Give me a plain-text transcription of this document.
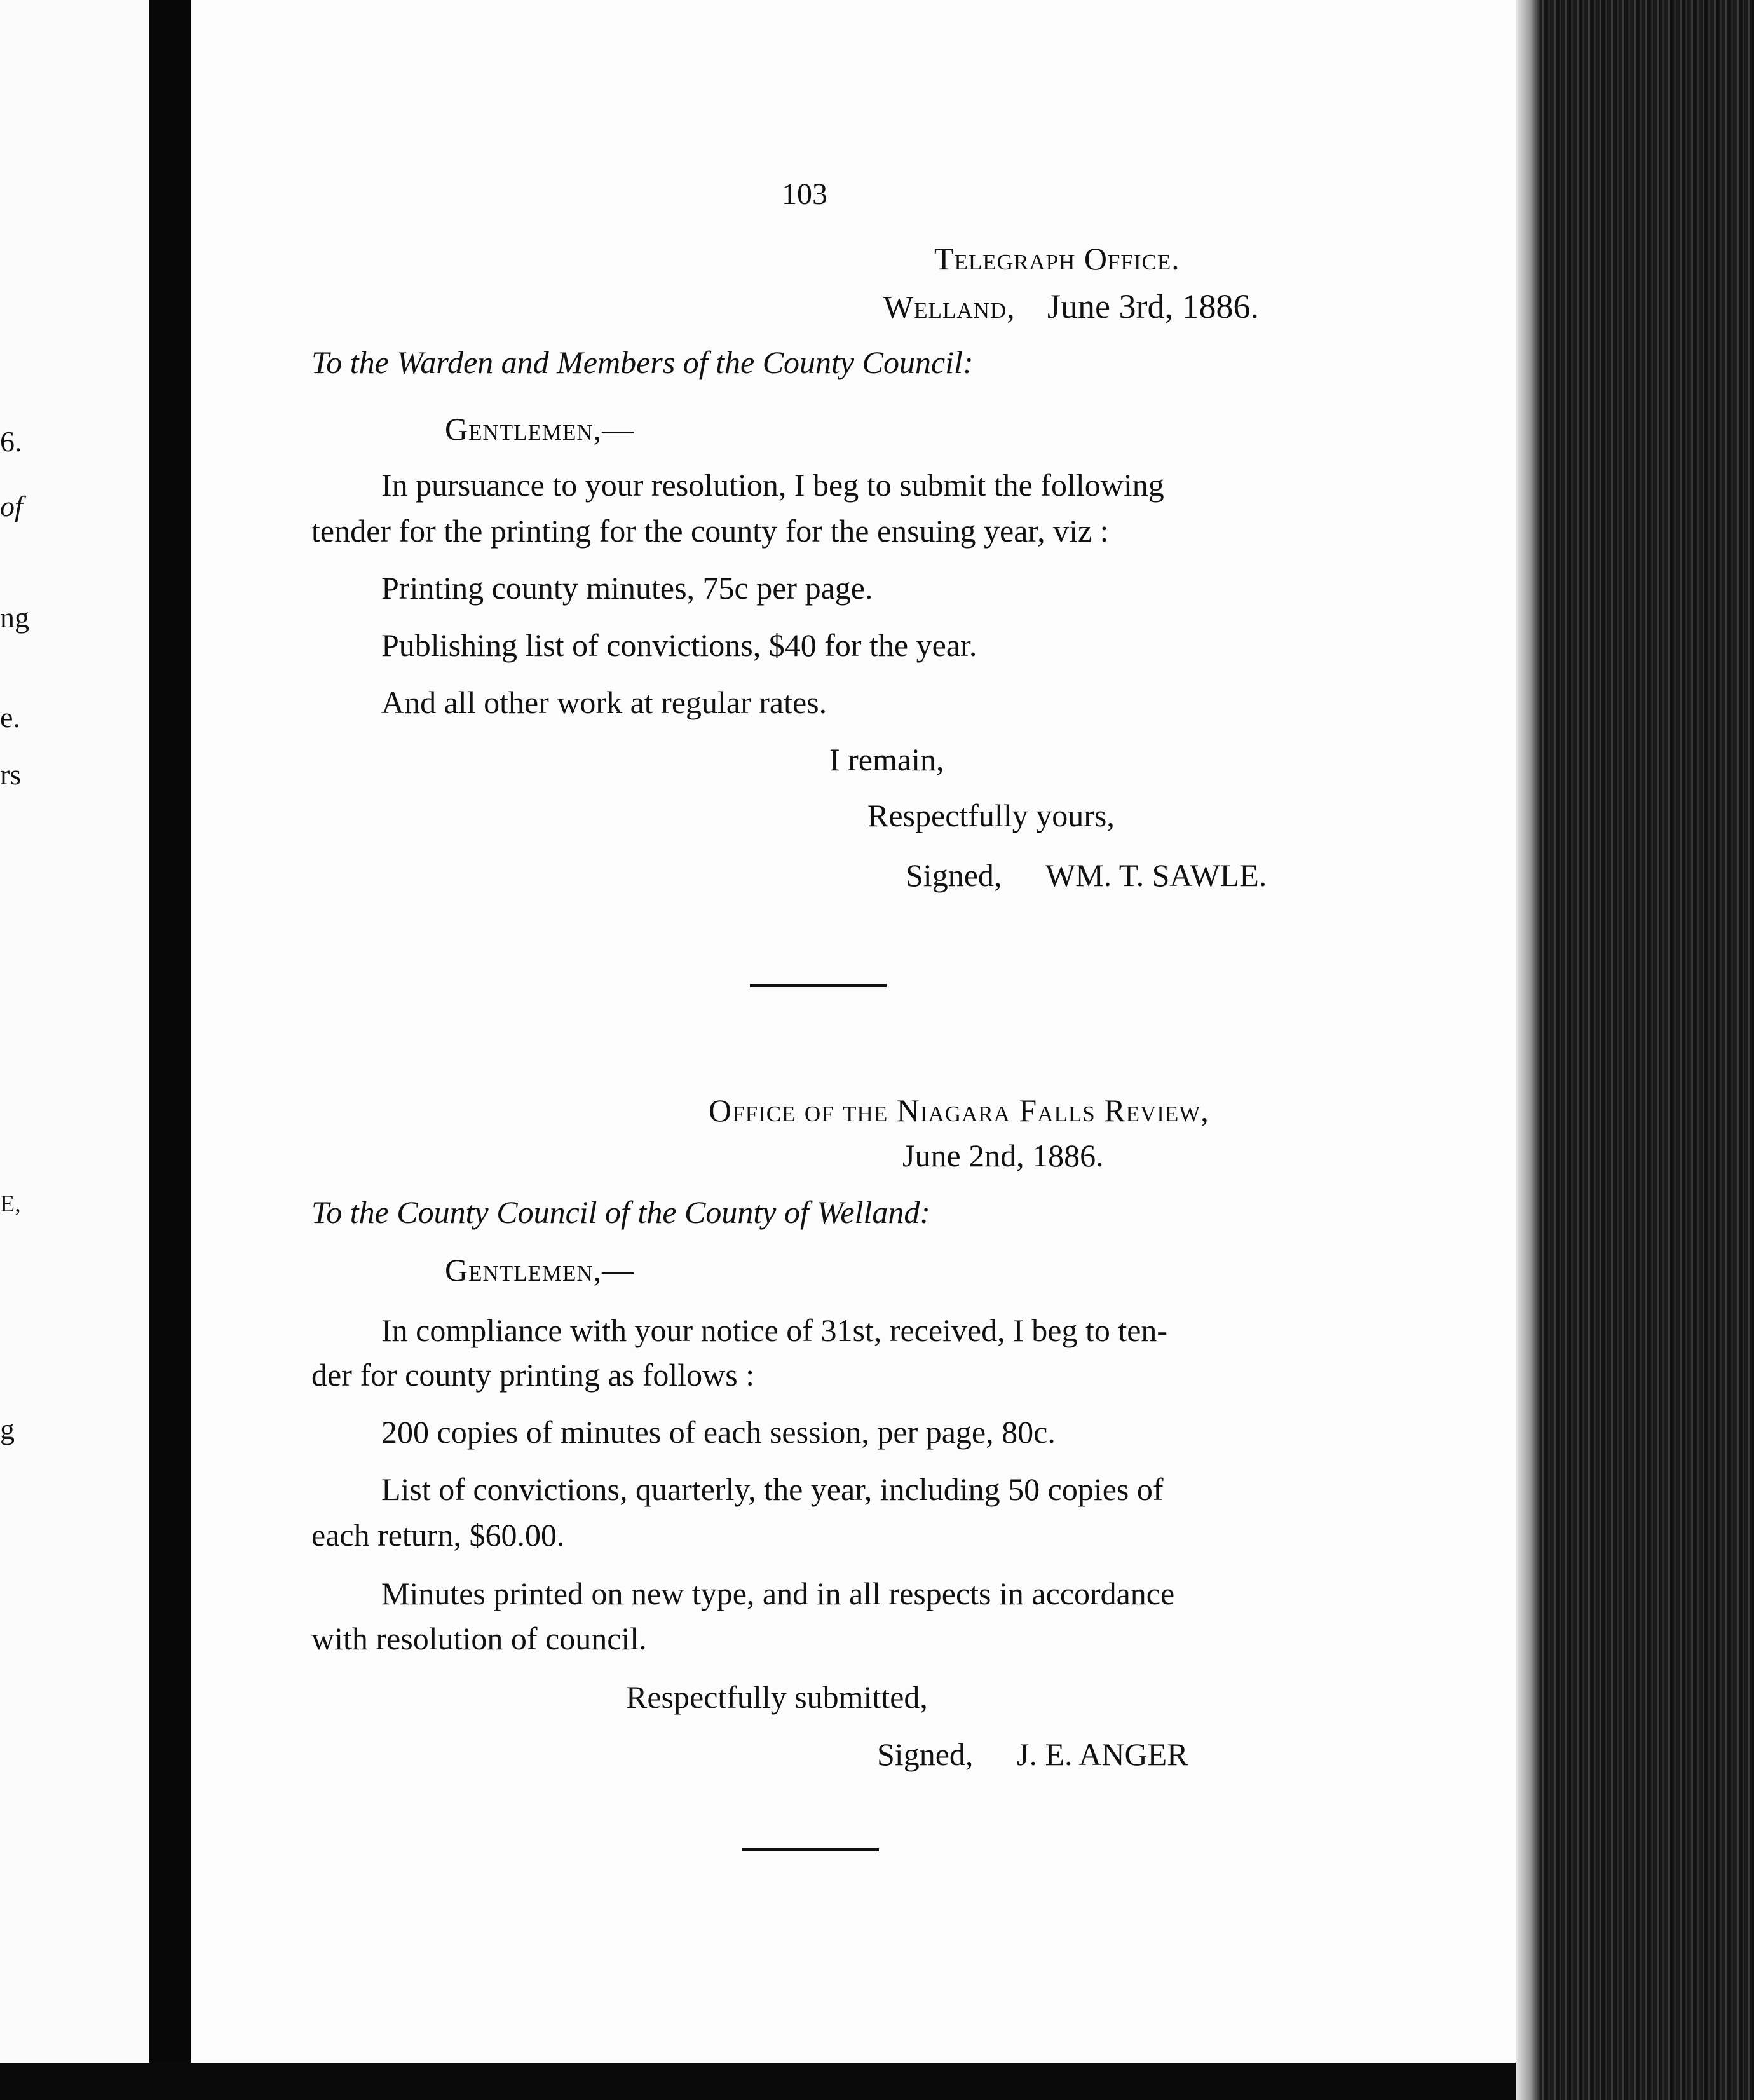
6.
of
ng
e.
rs
E,
g
103
Telegraph Office.
Welland, June 3rd, 1886.
To the Warden and Members of the County Council:
Gentlemen,—
In pursuance to your resolution, I beg to submit the following
tender for the printing for the county for the ensuing year, viz :
Printing county minutes, 75c per page.
Publishing list of convictions, $40 for the year.
And all other work at regular rates.
I remain,
Respectfully yours,
Signed, WM. T. SAWLE.
Office of the Niagara Falls Review,
June 2nd, 1886.
To the County Council of the County of Welland:
Gentlemen,—
In compliance with your notice of 31st, received, I beg to ten-
der for county printing as follows :
200 copies of minutes of each session, per page, 80c.
List of convictions, quarterly, the year, including 50 copies of
each return, $60.00.
Minutes printed on new type, and in all respects in accordance
with resolution of council.
Respectfully submitted,
Signed, J. E. ANGER
